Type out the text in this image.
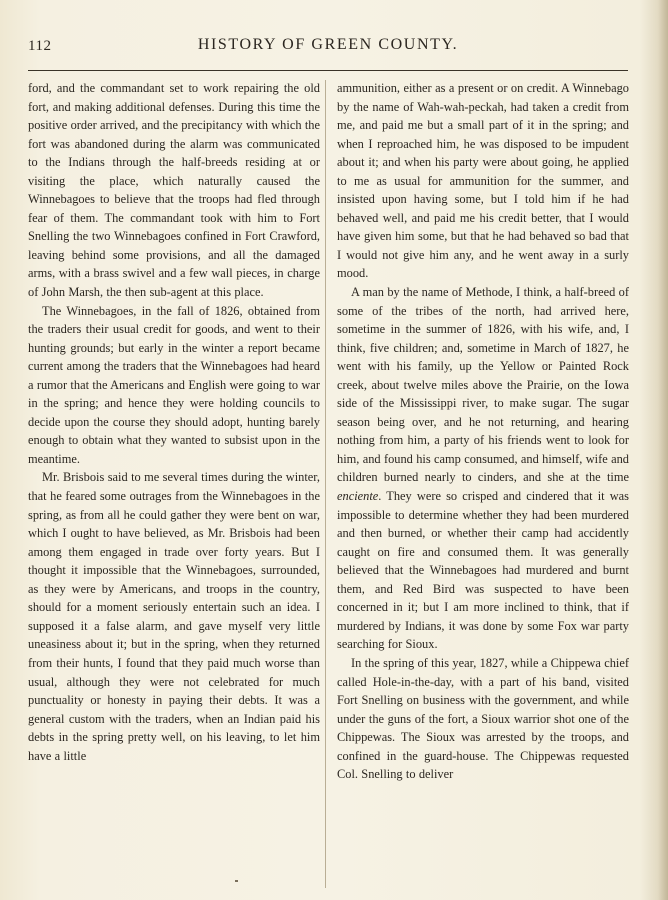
112	HISTORY OF GREEN COUNTY.

ford, and the commandant set to work repairing the old fort, and making additional defenses. During this time the positive order arrived, and the precipitancy with which the fort was abandoned during the alarm was communicated to the Indians through the half-breeds residing at or visiting the place, which naturally caused the Winnebagoes to believe that the troops had fled through fear of them. The commandant took with him to Fort Snelling the two Winnebagoes confined in Fort Crawford, leaving behind some provisions, and all the damaged arms, with a brass swivel and a few wall pieces, in charge of John Marsh, the then sub-agent at this place.

The Winnebagoes, in the fall of 1826, obtained from the traders their usual credit for goods, and went to their hunting grounds; but early in the winter a report became current among the traders that the Winnebagoes had heard a rumor that the Americans and English were going to war in the spring; and hence they were holding councils to decide upon the course they should adopt, hunting barely enough to obtain what they wanted to subsist upon in the meantime.

Mr. Brisbois said to me several times during the winter, that he feared some outrages from the Winnebagoes in the spring, as from all he could gather they were bent on war, which I ought to have believed, as Mr. Brisbois had been among them engaged in trade over forty years. But I thought it impossible that the Winnebagoes, surrounded, as they were by Americans, and troops in the country, should for a moment seriously entertain such an idea. I supposed it a false alarm, and gave myself very little uneasiness about it; but in the spring, when they returned from their hunts, I found that they paid much worse than usual, although they were not celebrated for much punctuality or honesty in paying their debts. It was a general custom with the traders, when an Indian paid his debts in the spring pretty well, on his leaving, to let him have a little

ammunition, either as a present or on credit. A Winnebago by the name of Wah-wah-peckah, had taken a credit from me, and paid me but a small part of it in the spring; and when I reproached him, he was disposed to be impudent about it; and when his party were about going, he applied to me as usual for ammunition for the summer, and insisted upon having some, but I told him if he had behaved well, and paid me his credit better, that I would have given him some, but that he had behaved so bad that I would not give him any, and he went away in a surly mood.

A man by the name of Methode, I think, a half-breed of some of the tribes of the north, had arrived here, sometime in the summer of 1826, with his wife, and, I think, five children; and, sometime in March of 1827, he went with his family, up the Yellow or Painted Rock creek, about twelve miles above the Prairie, on the Iowa side of the Mississippi river, to make sugar. The sugar season being over, and he not returning, and hearing nothing from him, a party of his friends went to look for him, and found his camp consumed, and himself, wife and children burned nearly to cinders, and she at the time enciente. They were so crisped and cindered that it was impossible to determine whether they had been murdered and then burned, or whether their camp had accidently caught on fire and consumed them. It was generally believed that the Winnebagoes had murdered and burnt them, and Red Bird was suspected to have been concerned in it; but I am more inclined to think, that if murdered by Indians, it was done by some Fox war party searching for Sioux.

In the spring of this year, 1827, while a Chippewa chief called Hole-in-the-day, with a part of his band, visited Fort Snelling on business with the government, and while under the guns of the fort, a Sioux warrior shot one of the Chippewas. The Sioux was arrested by the troops, and confined in the guard-house. The Chippewas requested Col. Snelling to deliver
